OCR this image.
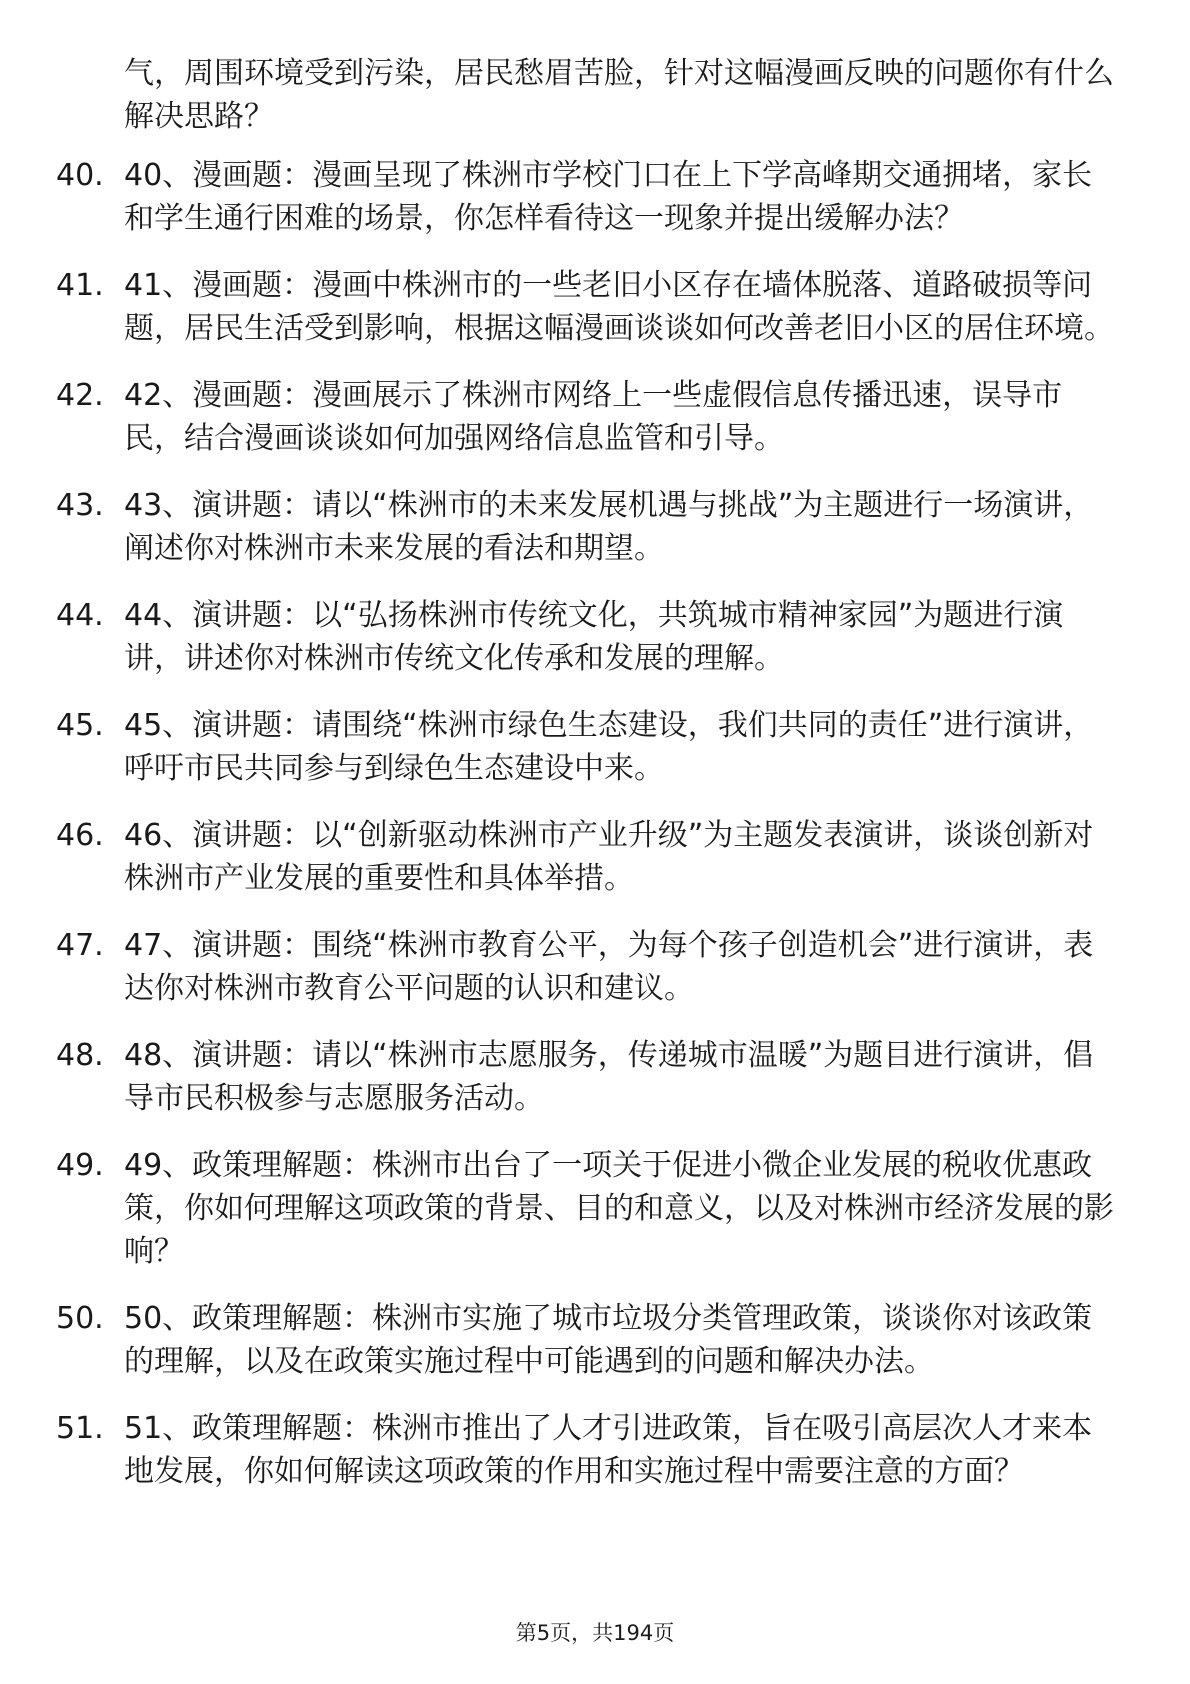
气，周围环境受到污染，居民愁眉苦脸，针对这幅漫画反映的问题你有什么解决思路？
40. 40、漫画题：漫画呈现了株洲市学校门口在上下学高峰期交通拥堵，家长和学生通行困难的场景，你怎样看待这一现象并提出缓解办法？
41. 41、漫画题：漫画中株洲市的一些老旧小区存在墙体脱落、道路破损等问题，居民生活受到影响，根据这幅漫画谈谈如何改善老旧小区的居住环境。
42. 42、漫画题：漫画展示了株洲市网络上一些虚假信息传播迅速，误导市民，结合漫画谈谈如何加强网络信息监管和引导。
43. 43、演讲题：请以“株洲市的未来发展机遇与挑战”为主题进行一场演讲，阐述你对株洲市未来发展的看法和期望。
44. 44、演讲题：以“弘扬株洲市传统文化，共筑城市精神家园”为题进行演讲，讲述你对株洲市传统文化传承和发展的理解。
45. 45、演讲题：请围绕“株洲市绿色生态建设，我们共同的责任”进行演讲，呼吁市民共同参与到绿色生态建设中来。
46. 46、演讲题：以“创新驱动株洲市产业升级”为主题发表演讲，谈谈创新对株洲市产业发展的重要性和具体举措。
47. 47、演讲题：围绕“株洲市教育公平，为每个孩子创造机会”进行演讲，表达你对株洲市教育公平问题的认识和建议。
48. 48、演讲题：请以“株洲市志愿服务，传递城市温暖”为题目进行演讲，倡导市民积极参与志愿服务活动。
49. 49、政策理解题：株洲市出台了一项关于促进小微企业发展的税收优惠政策，你如何理解这项政策的背景、目的和意义，以及对株洲市经济发展的影响？
50. 50、政策理解题：株洲市实施了城市垃圾分类管理政策，谈谈你对该政策的理解，以及在政策实施过程中可能遇到的问题和解决办法。
51. 51、政策理解题：株洲市推出了人才引进政策，旨在吸引高层次人才来本地发展，你如何解读这项政策的作用和实施过程中需要注意的方面？
第5页，共194页
